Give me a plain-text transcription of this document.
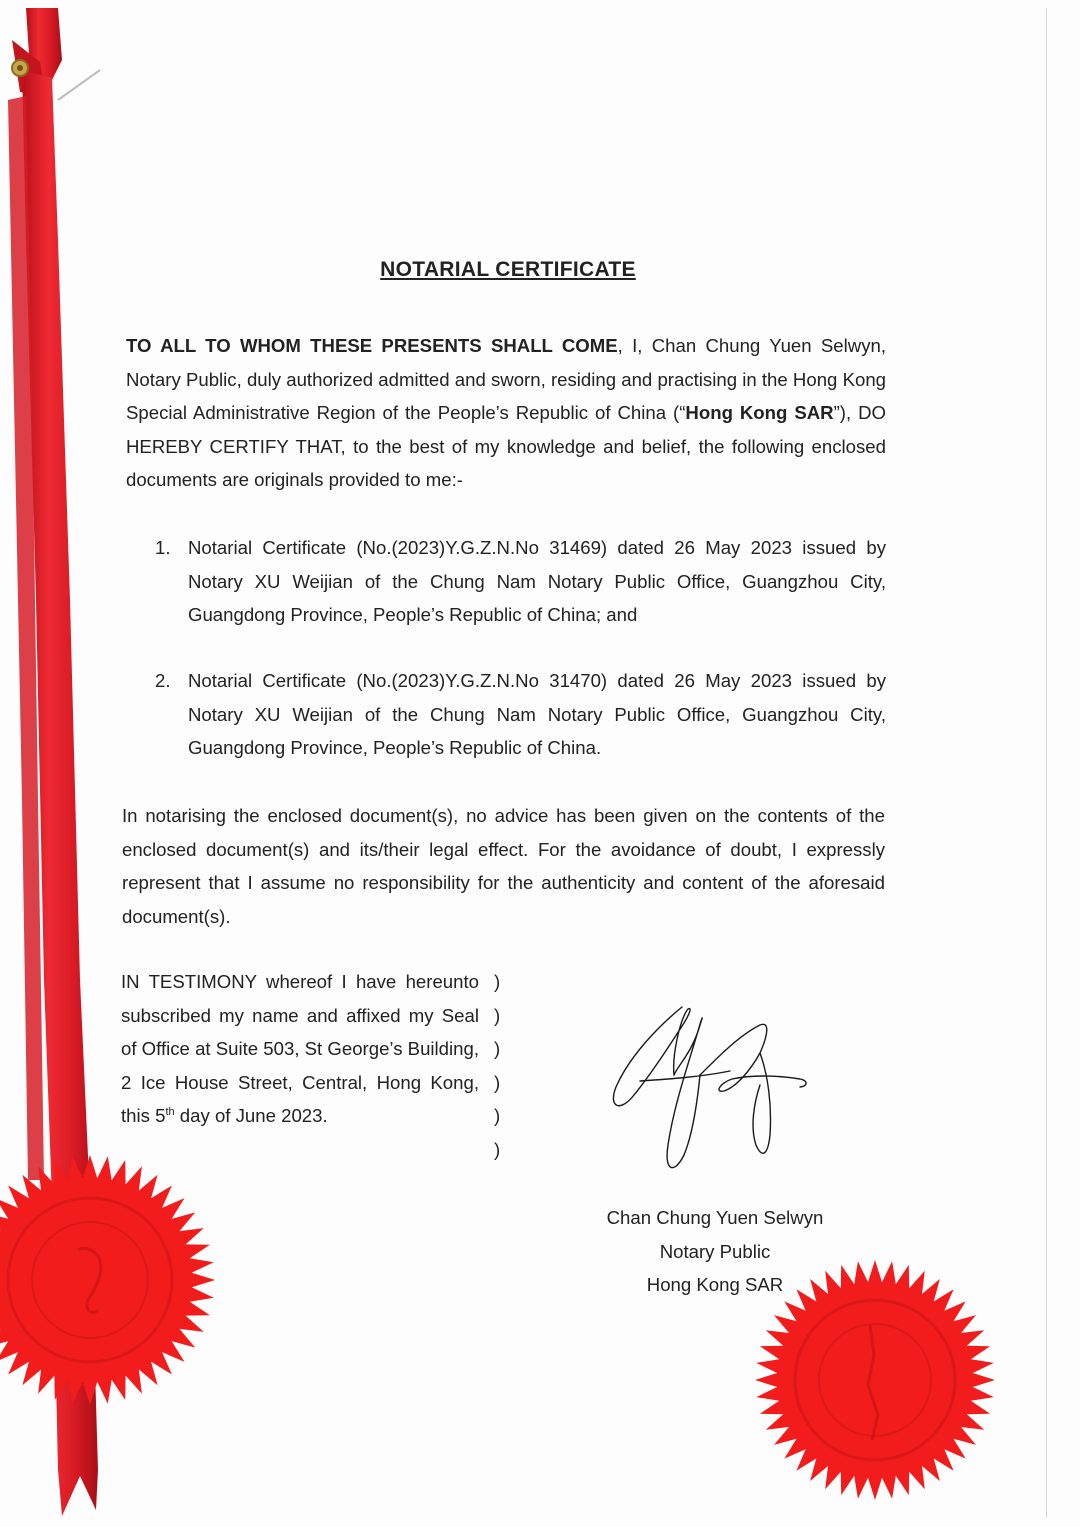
NOTARIAL CERTIFICATE

TO ALL TO WHOM THESE PRESENTS SHALL COME, I, Chan Chung Yuen Selwyn, Notary Public, duly authorized admitted and sworn, residing and practising in the Hong Kong Special Administrative Region of the People’s Republic of China (“Hong Kong SAR”), DO HEREBY CERTIFY THAT, to the best of my knowledge and belief, the following enclosed documents are originals provided to me:-

1. Notarial Certificate (No.(2023)Y.G.Z.N.No 31469) dated 26 May 2023 issued by Notary XU Weijian of the Chung Nam Notary Public Office, Guangzhou City, Guangdong Province, People’s Republic of China; and

2. Notarial Certificate (No.(2023)Y.G.Z.N.No 31470) dated 26 May 2023 issued by Notary XU Weijian of the Chung Nam Notary Public Office, Guangzhou City, Guangdong Province, People’s Republic of China.

In notarising the enclosed document(s), no advice has been given on the contents of the enclosed document(s) and its/their legal effect. For the avoidance of doubt, I expressly represent that I assume no responsibility for the authenticity and content of the aforesaid document(s).

IN TESTIMONY whereof I have hereunto subscribed my name and affixed my Seal of Office at Suite 503, St George’s Building, 2 Ice House Street, Central, Hong Kong, this 5th day of June 2023.

)
)
)
)
)
)
Chan Chung Yuen Selwyn
Notary Public
Hong Kong SAR
